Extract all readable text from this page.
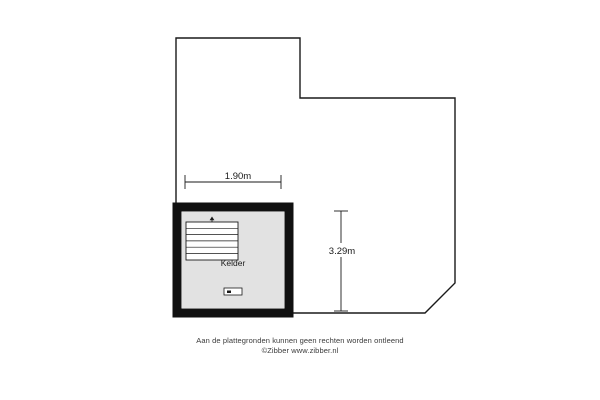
Kelder
1.90m
3.29m
Aan de plattegronden kunnen geen rechten worden ontleend
©Zibber www.zibber.nl
